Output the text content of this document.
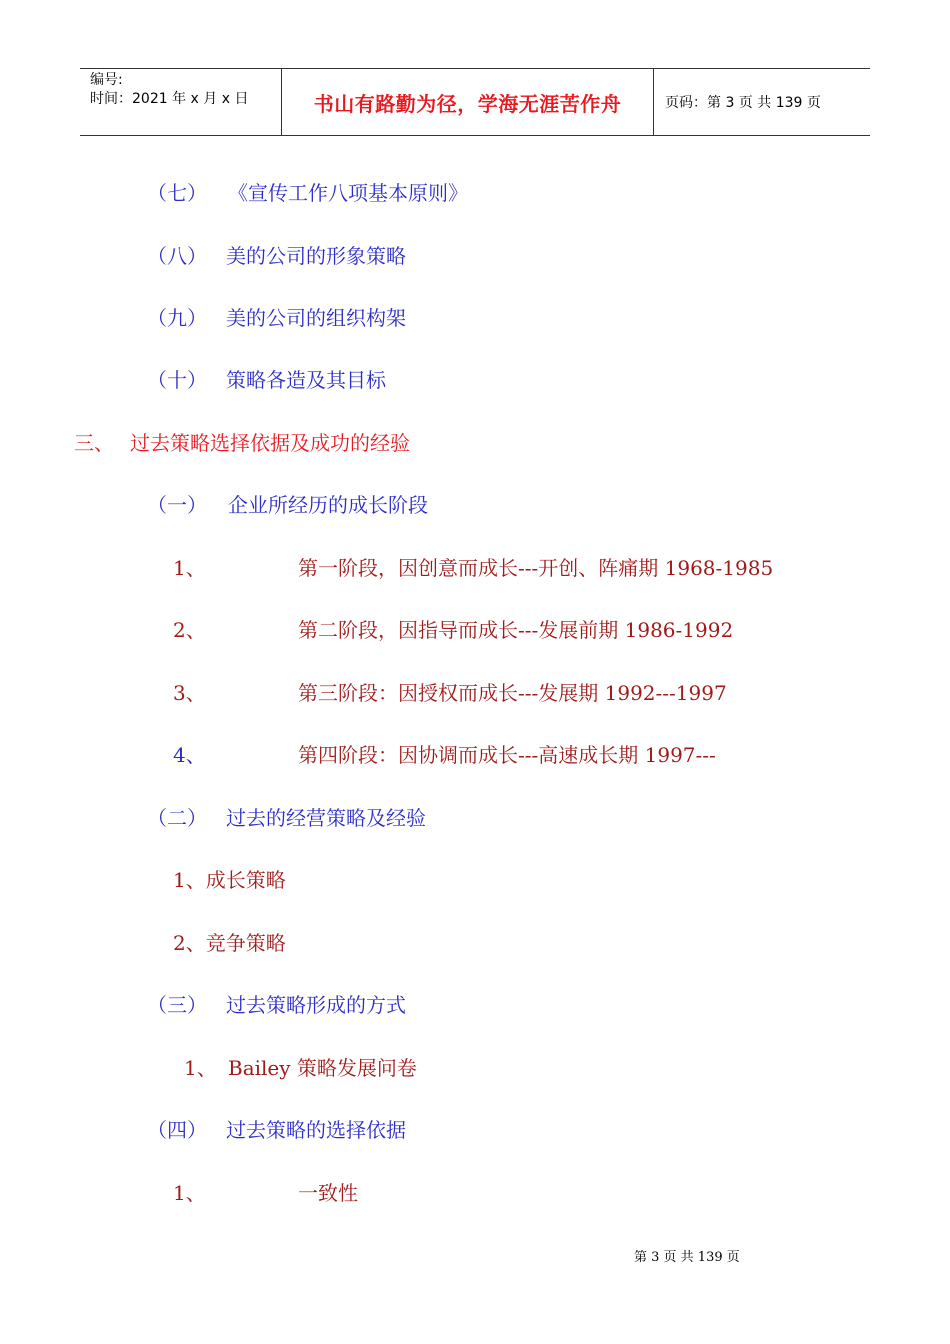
编号:
时间：2021 年 x 月 x 日	书山有路勤为径，学海无涯苦作舟	页码：第 3 页 共 139 页
（七） 《宣传工作八项基本原则》
（八） 美的公司的形象策略
（九） 美的公司的组织构架
（十） 策略各造及其目标
三、 过去策略选择依据及成功的经验
（一） 企业所经历的成长阶段
1、	第一阶段，因创意而成长---开创、阵痛期 1968-1985
2、	第二阶段，因指导而成长---发展前期 1986-1992
3、	第三阶段：因授权而成长---发展期 1992---1997
4、	第四阶段：因协调而成长---高速成长期 1997---
（二） 过去的经营策略及经验
1、成长策略
2、竞争策略
（三） 过去策略形成的方式
1、 Bailey 策略发展问卷
（四） 过去策略的选择依据
1、	一致性
第 3 页 共 139 页
